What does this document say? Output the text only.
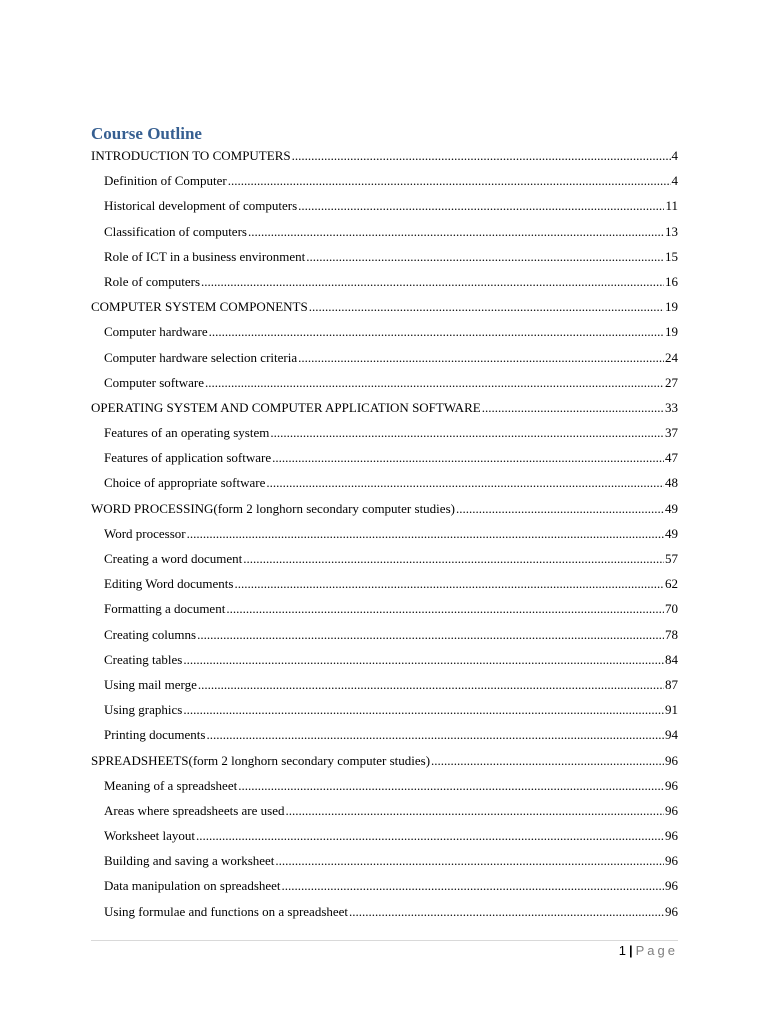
Course Outline
INTRODUCTION TO COMPUTERS .....	4
Definition of Computer .....	4
Historical development of computers .....	11
Classification of computers .....	13
Role of ICT in a business environment .....	15
Role of computers .....	16
COMPUTER SYSTEM COMPONENTS .....	19
Computer hardware .....	19
Computer hardware selection criteria .....	24
Computer software .....	27
OPERATING SYSTEM AND COMPUTER APPLICATION SOFTWARE .....	33
Features of an operating system .....	37
Features of application software .....	47
Choice of appropriate software .....	48
WORD PROCESSING(form 2 longhorn secondary computer studies) .....	49
Word processor .....	49
Creating a word document .....	57
Editing Word documents .....	62
Formatting a document .....	70
Creating columns .....	78
Creating tables .....	84
Using mail merge .....	87
Using graphics .....	91
Printing documents .....	94
SPREADSHEETS(form 2 longhorn secondary computer studies) .....	96
Meaning of a spreadsheet .....	96
Areas where spreadsheets are used .....	96
Worksheet layout .....	96
Building and saving a worksheet .....	96
Data manipulation on spreadsheet .....	96
Using formulae and functions on a spreadsheet .....	96
1 | Page
